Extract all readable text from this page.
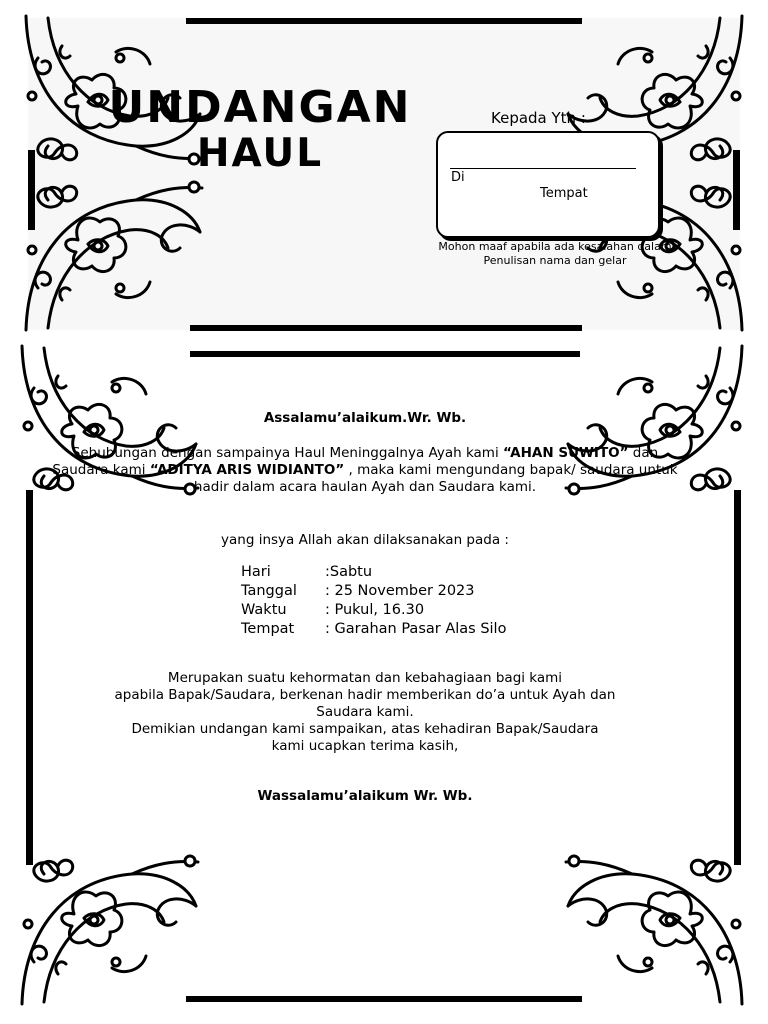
UNDANGAN
HAUL
Kepada Yth :
Di
Tempat
Mohon maaf apabila ada kesalahan dalam
Penulisan nama dan gelar
Assalamu’alaikum.Wr. Wb.
Sehubungan dengan sampainya Haul Meninggalnya Ayah kami “AHAN SUWITO” dan Saudara kami “ADITYA ARIS WIDIANTO” , maka kami mengundang bapak/ saudara untuk hadir dalam acara haulan Ayah dan Saudara kami.
yang insya Allah akan dilaksanakan pada :
Hari	:Sabtu
Tanggal	: 25 November 2023
Waktu	: Pukul, 16.30
Tempat	: Garahan Pasar Alas Silo
Merupakan suatu kehormatan dan kebahagiaan bagi kami
apabila Bapak/Saudara, berkenan hadir memberikan do’a untuk Ayah dan
Saudara kami.
Demikian undangan kami sampaikan, atas kehadiran Bapak/Saudara
kami ucapkan terima kasih,
Wassalamu’alaikum Wr. Wb.
